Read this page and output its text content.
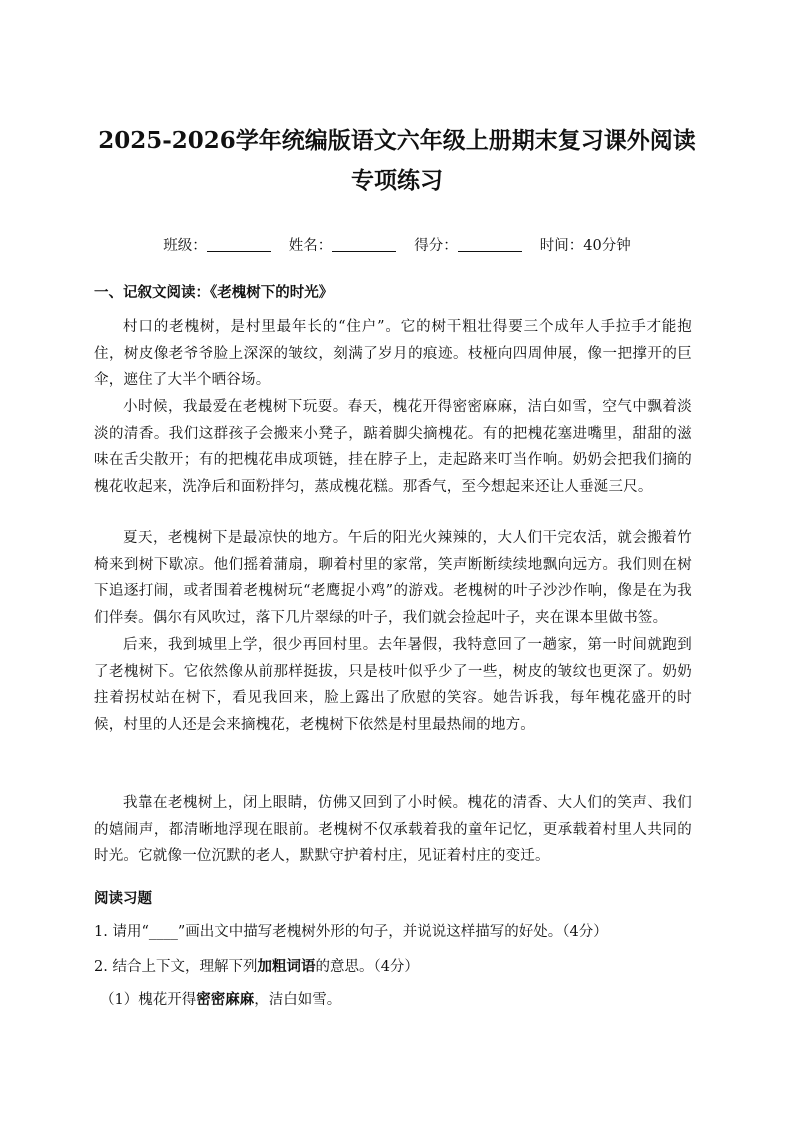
2025-2026学年统编版语文六年级上册期末复习课外阅读
专项练习
班级：	姓名：	得分：	时间：40分钟
一、记叙文阅读：《老槐树下的时光》
村口的老槐树，是村里最年长的“住户”。它的树干粗壮得要三个成年人手拉手才能抱住，树皮像老爷爷脸上深深的皱纹，刻满了岁月的痕迹。枝桠向四周伸展，像一把撑开的巨伞，遮住了大半个晒谷场。
小时候，我最爱在老槐树下玩耍。春天，槐花开得密密麻麻，洁白如雪，空气中飘着淡淡的清香。我们这群孩子会搬来小凳子，踮着脚尖摘槐花。有的把槐花塞进嘴里，甜甜的滋味在舌尖散开；有的把槐花串成项链，挂在脖子上，走起路来叮当作响。奶奶会把我们摘的槐花收起来，洗净后和面粉拌匀，蒸成槐花糕。那香气，至今想起来还让人垂涎三尺。
夏天，老槐树下是最凉快的地方。午后的阳光火辣辣的，大人们干完农活，就会搬着竹椅来到树下歇凉。他们摇着蒲扇，聊着村里的家常，笑声断断续续地飘向远方。我们则在树下追逐打闹，或者围着老槐树玩“老鹰捉小鸡”的游戏。老槐树的叶子沙沙作响，像是在为我们伴奏。偶尔有风吹过，落下几片翠绿的叶子，我们就会捡起叶子，夹在课本里做书签。
后来，我到城里上学，很少再回村里。去年暑假，我特意回了一趟家，第一时间就跑到了老槐树下。它依然像从前那样挺拔，只是枝叶似乎少了一些，树皮的皱纹也更深了。奶奶拄着拐杖站在树下，看见我回来，脸上露出了欣慰的笑容。她告诉我，每年槐花盛开的时候，村里的人还是会来摘槐花，老槐树下依然是村里最热闹的地方。
我靠在老槐树上，闭上眼睛，仿佛又回到了小时候。槐花的清香、大人们的笑声、我们的嬉闹声，都清晰地浮现在眼前。老槐树不仅承载着我的童年记忆，更承载着村里人共同的时光。它就像一位沉默的老人，默默守护着村庄，见证着村庄的变迁。
阅读习题
1. 请用“____”画出文中描写老槐树外形的句子，并说说这样描写的好处。（4分）
2. 结合上下文，理解下列加粗词语的意思。（4分）
（1）槐花开得密密麻麻，洁白如雪。
